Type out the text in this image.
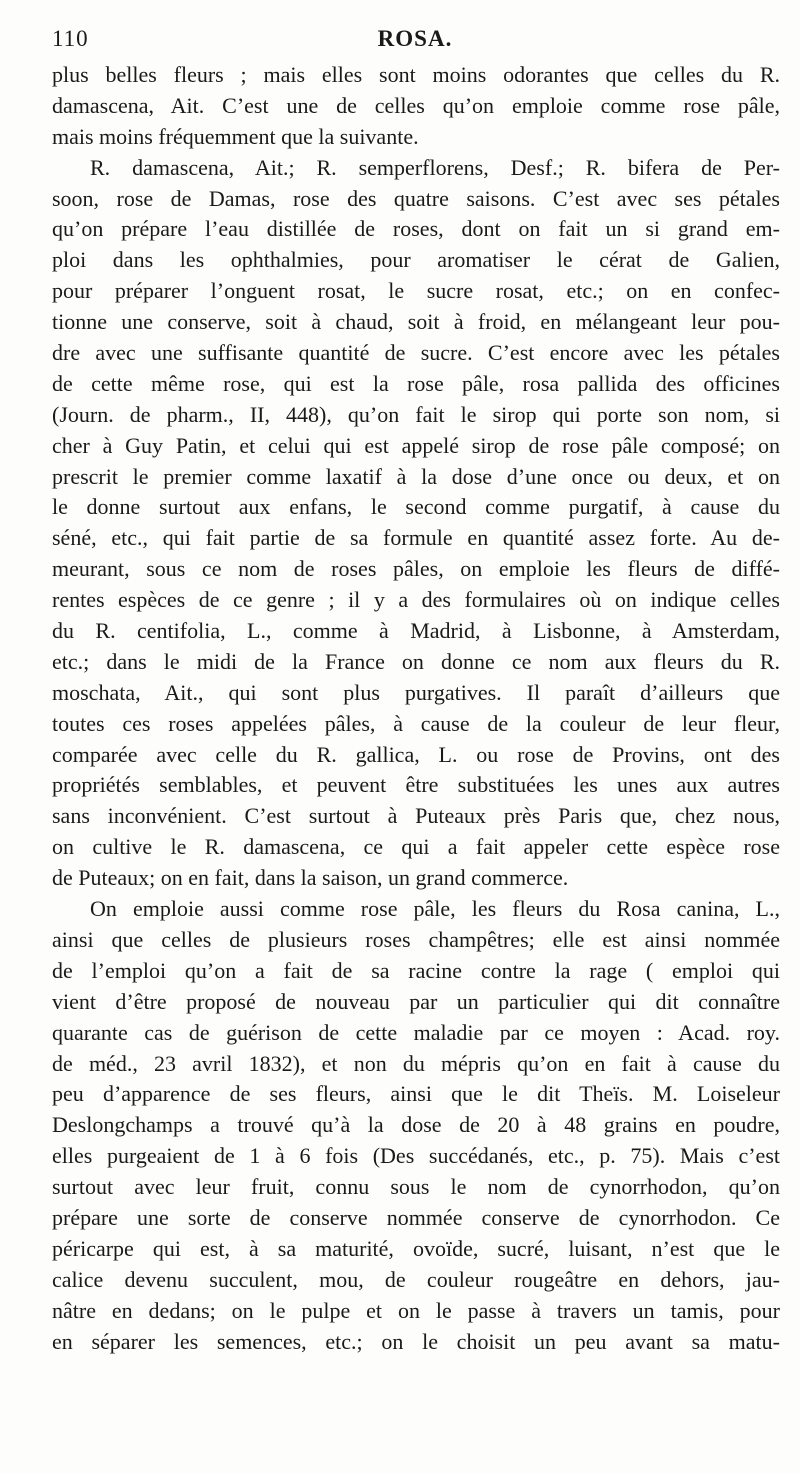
110	ROSA.
plus belles fleurs ; mais elles sont moins odorantes que celles du R.
damascena, Ait. C’est une de celles qu’on emploie comme rose pâle,
mais moins fréquemment que la suivante.
R. damascena, Ait.; R. semperflorens, Desf.; R. bifera de Per-
soon, rose de Damas, rose des quatre saisons. C’est avec ses pétales
qu’on prépare l’eau distillée de roses, dont on fait un si grand em-
ploi dans les ophthalmies, pour aromatiser le cérat de Galien,
pour préparer l’onguent rosat, le sucre rosat, etc.; on en confec-
tionne une conserve, soit à chaud, soit à froid, en mélangeant leur pou-
dre avec une suffisante quantité de sucre. C’est encore avec les pétales
de cette même rose, qui est la rose pâle, rosa pallida des officines
(Journ. de pharm., II, 448), qu’on fait le sirop qui porte son nom, si
cher à Guy Patin, et celui qui est appelé sirop de rose pâle composé; on
prescrit le premier comme laxatif à la dose d’une once ou deux, et on
le donne surtout aux enfans, le second comme purgatif, à cause du
séné, etc., qui fait partie de sa formule en quantité assez forte. Au de-
meurant, sous ce nom de roses pâles, on emploie les fleurs de diffé-
rentes espèces de ce genre ; il y a des formulaires où on indique celles
du R. centifolia, L., comme à Madrid, à Lisbonne, à Amsterdam,
etc.; dans le midi de la France on donne ce nom aux fleurs du R.
moschata, Ait., qui sont plus purgatives. Il paraît d’ailleurs que
toutes ces roses appelées pâles, à cause de la couleur de leur fleur,
comparée avec celle du R. gallica, L. ou rose de Provins, ont des
propriétés semblables, et peuvent être substituées les unes aux autres
sans inconvénient. C’est surtout à Puteaux près Paris que, chez nous,
on cultive le R. damascena, ce qui a fait appeler cette espèce rose
de Puteaux; on en fait, dans la saison, un grand commerce.
On emploie aussi comme rose pâle, les fleurs du Rosa canina, L.,
ainsi que celles de plusieurs roses champêtres; elle est ainsi nommée
de l’emploi qu’on a fait de sa racine contre la rage ( emploi qui
vient d’être proposé de nouveau par un particulier qui dit connaître
quarante cas de guérison de cette maladie par ce moyen : Acad. roy.
de méd., 23 avril 1832), et non du mépris qu’on en fait à cause du
peu d’apparence de ses fleurs, ainsi que le dit Theïs. M. Loiseleur
Deslongchamps a trouvé qu’à la dose de 20 à 48 grains en poudre,
elles purgeaient de 1 à 6 fois (Des succédanés, etc., p. 75). Mais c’est
surtout avec leur fruit, connu sous le nom de cynorrhodon, qu’on
prépare une sorte de conserve nommée conserve de cynorrhodon. Ce
péricarpe qui est, à sa maturité, ovoïde, sucré, luisant, n’est que le
calice devenu succulent, mou, de couleur rougeâtre en dehors, jau-
nâtre en dedans; on le pulpe et on le passe à travers un tamis, pour
en séparer les semences, etc.; on le choisit un peu avant sa matu-
